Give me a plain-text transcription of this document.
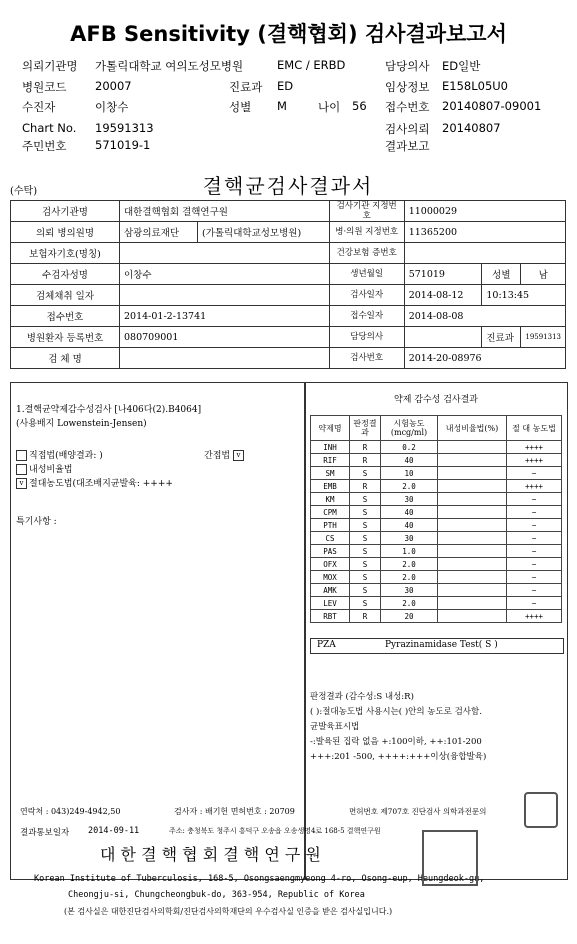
AFB Sensitivity (결핵협회) 검사결과보고서
의뢰기관명 가톨릭대학교 여의도성모병원	EMC / ERBD	담당의사 ED일반
병원코드 20007	진료과 ED	임상정보 E158L05U0
수진자	이창수	성별 M	나이 56 접수번호 20140807-09001
Chart No. 19591313	검사의뢰 20140807
주민번호 571019-1	결과보고
결핵균검사결과서
(수탁)
검사기관명	대한결핵협회 결핵연구원		검사기관 지정번호	11000029		
의뢰 병의원명	삼광의료재단	(가톨릭대학교성모병원)	병·의원 지정번호	11365200		
보험자기호(명칭)			건강보험 증번호			
수검자성명	이창수		생년월일	571019	성별	남
검체채취 일자			검사일자	2014-08-12	10:13:45	
접수번호	2014-01-2-13741		접수일자	2014-08-08		
병원환자 등록번호	080709001		담당의사		진료과	19591313
검 체 명			검사번호	2014-20-08976		
1.결핵균약제감수성검사 [나406다(2).B4064]
(사용배지 Lowenstein-Jensen)
직접법(배양결과: )	간접법 v
내성비율법
v 절대농도법(대조배지균발육: ++++
특기사항 :
약제 감수성 검사결과
약제명	판정결과	시험농도(mcg/ml)	내성비율법(%)	절 대 농도법
INH	R	0.2		++++
RIF	R	40		++++
SM	S	10		−
EMB	R	2.0		++++
KM	S	30		−
CPM	S	40		−
PTH	S	40		−
CS	S	30		−
PAS	S	1.0		−
OFX	S	2.0		−
MOX	S	2.0		−
AMK	S	30		−
LEV	S	2.0		−
RBT	R	20		++++
PZA	Pyrazinamidase Test( S )
판정결과 (감수성:S 내성:R)
( ):절대농도법 사용시는( )안의 농도로 검사함.
균발육표시법
-:발육된 집락 없음 +:100이하, ++:101-200
+++:201 -500, ++++:+++이상(융합발육)
연락처 : 043)249-4942,50	검사자 : 배기헌 면허번호 : 20709	면허번호 제707호 진단검사 의학과전문의
결과통보일자 2014-09-11	주소: 충청북도 청주시 흥덕구 오송읍 오송생명4로 168-5 결핵연구원
대 한 결 핵 협 회 결 핵 연 구 원
Korean Institute of Tuberculosis, 168-5, Osongsaengmyeong 4-ro, Osong-eup, Heungdeok-gu,
Cheongju-si, Chungcheongbuk-do, 363-954, Republic of Korea
(본 검사실은 대한진단검사의학회/진단검사의학재단의 우수검사실 인증을 받은 검사실입니다.)
